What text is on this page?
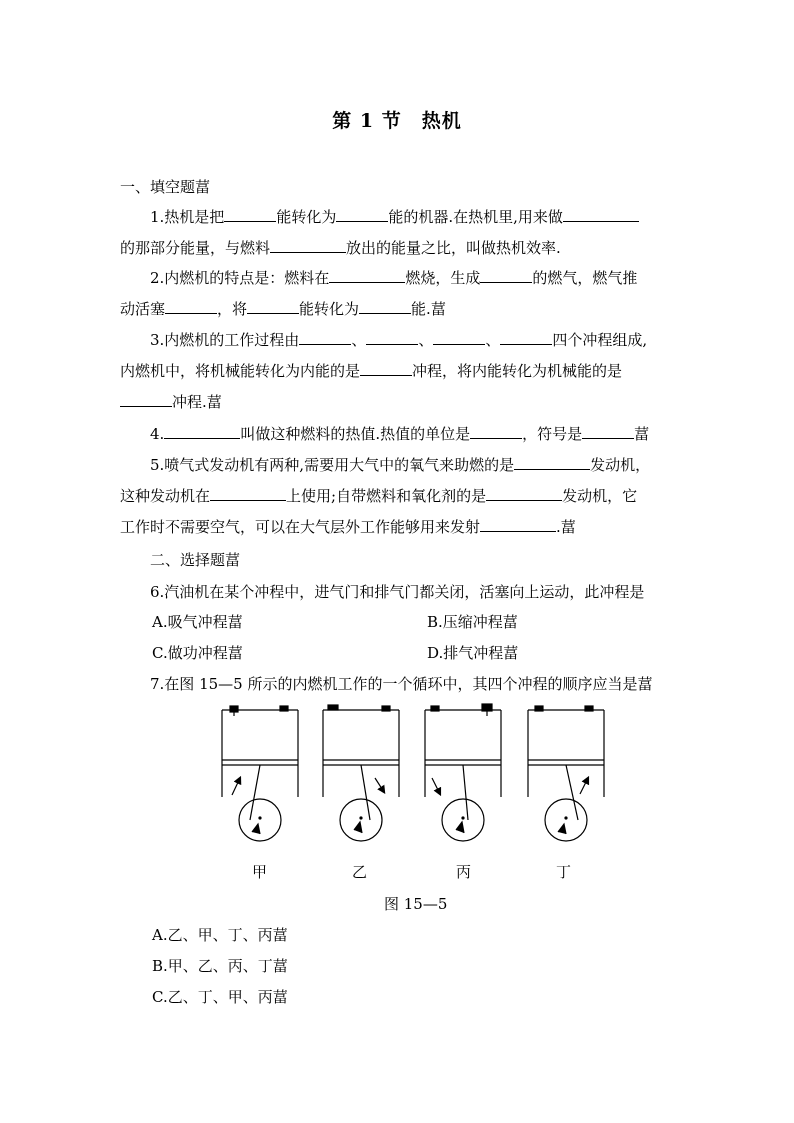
第 1 节　热机
一、填空题葍
1.热机是把	能转化为	能的机器.在热机里,用来做
的那部分能量，与燃料	放出的能量之比，叫做热机效率.
2.内燃机的特点是：燃料在	燃烧，生成	的燃气，燃气推
动活塞	，将	能转化为	能.葍
3.内燃机的工作过程由	、	、	、	四个冲程组成,
内燃机中，将机械能转化为内能的是	冲程，将内能转化为机械能的是
冲程.葍
4.	叫做这种燃料的热值.热值的单位是	，符号是	葍
5.喷气式发动机有两种,需要用大气中的氧气来助燃的是	发动机，
这种发动机在	上使用;自带燃料和氧化剂的是	发动机，它
工作时不需要空气，可以在大气层外工作能够用来发射	.葍
二、选择题葍
6.汽油机在某个冲程中，进气门和排气门都关闭，活塞向上运动，此冲程是
A.吸气冲程葍	B.压缩冲程葍
C.做功冲程葍	D.排气冲程葍
7.在图 15—5 所示的内燃机工作的一个循环中，其四个冲程的顺序应当是葍
甲	乙	丙	丁
图 15—5
A.乙、甲、丁、丙葍
B.甲、乙、丙、丁葍
C.乙、丁、甲、丙葍
